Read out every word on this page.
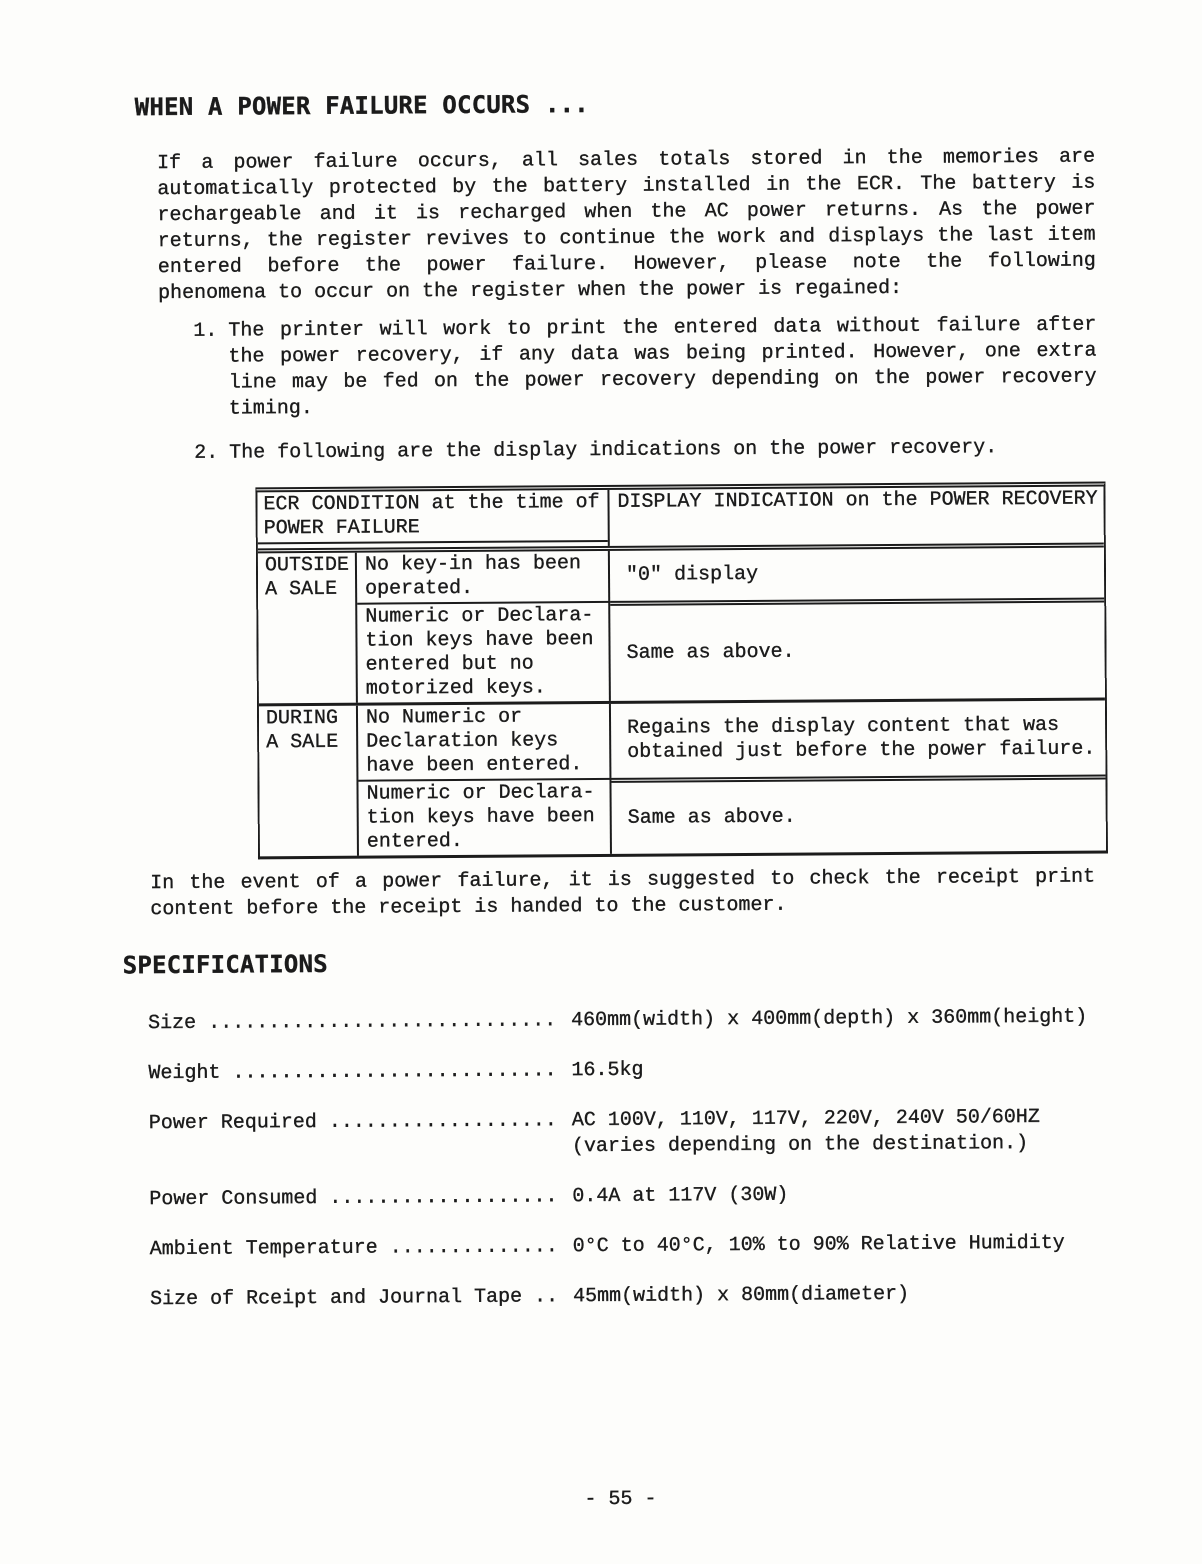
WHEN A POWER FAILURE OCCURS ...
If a power failure occurs, all sales totals stored in the memories are
automatically protected by the battery installed in the ECR. The battery is
rechargeable and it is recharged when the AC power returns. As the power
returns, the register revives to continue the work and displays the last item
entered before the power failure. However, please note the following
phenomena to occur on the register when the power is regained:
1. The printer will work to print the entered data without failure after
the power recovery, if any data was being printed. However, one extra
line may be fed on the power recovery depending on the power recovery
timing.
2. The following are the display indications on the power recovery.
ECR CONDITION at the time of
POWER FAILURE
DISPLAY INDICATION on the POWER RECOVERY
OUTSIDE
A SALE
No key-in has been
operated.
"0" display
Numeric or Declara-
tion keys have been
entered but no
motorized keys.
Same as above.
DURING
A SALE
No Numeric or
Declaration keys
have been entered.
Regains the display content that was
obtained just before the power failure.
Numeric or Declara-
tion keys have been
entered.
Same as above.
In the event of a power failure, it is suggested to check the receipt print
content before the receipt is handed to the customer.
SPECIFICATIONS
Size ............................. 460mm(width) x 400mm(depth) x 360mm(height)
Weight ........................... 16.5kg
Power Required ................... AC 100V, 110V, 117V, 220V, 240V 50/60HZ
(varies depending on the destination.)
Power Consumed ................... 0.4A at 117V (30W)
Ambient Temperature .............. 0°C to 40°C, 10% to 90% Relative Humidity
Size of Rceipt and Journal Tape .. 45mm(width) x 80mm(diameter)
- 55 -
